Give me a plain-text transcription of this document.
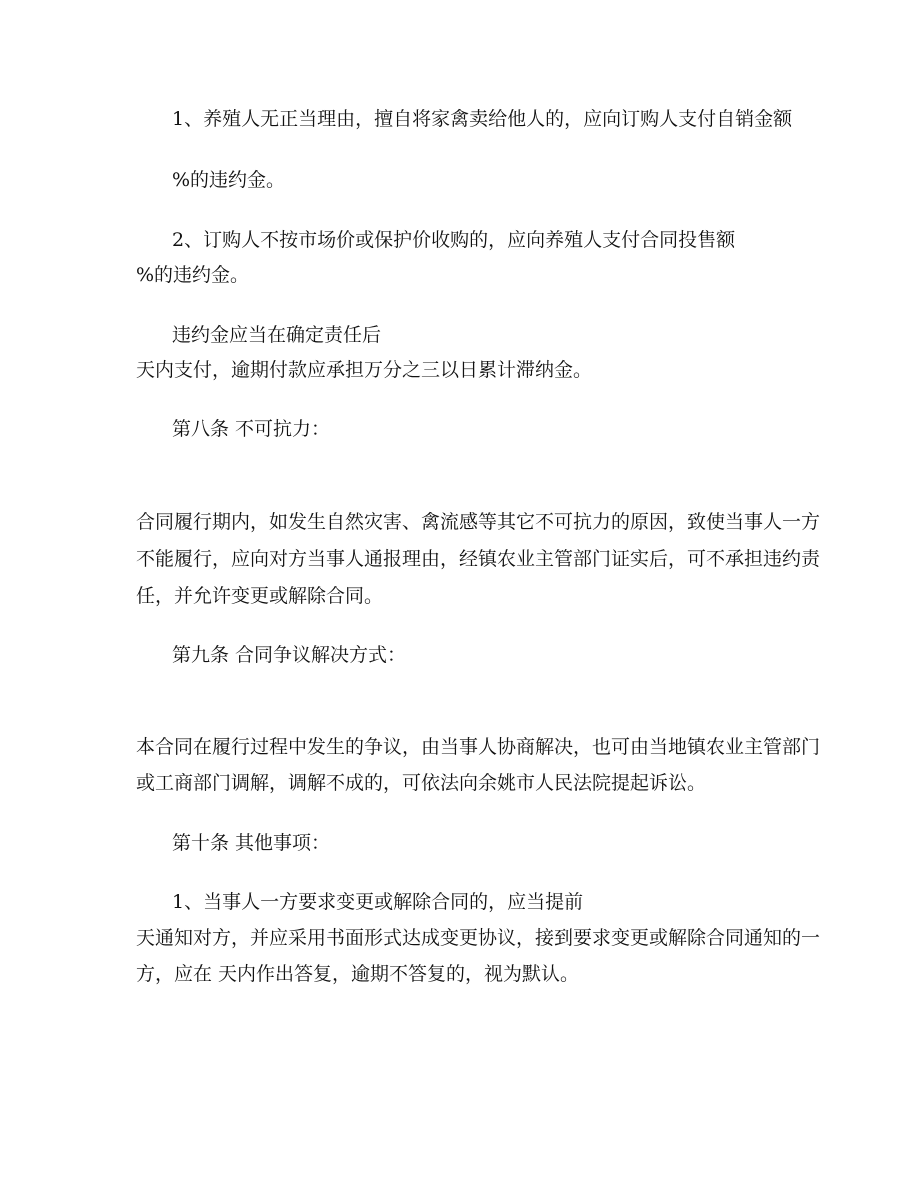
1、养殖人无正当理由，擅自将家禽卖给他人的，应向订购人支付自销金额
%的违约金。
2、订购人不按市场价或保护价收购的，应向养殖人支付合同投售额
%的违约金。
违约金应当在确定责任后
天内支付，逾期付款应承担万分之三以日累计滞纳金。
第八条 不可抗力：
合同履行期内，如发生自然灾害、禽流感等其它不可抗力的原因，致使当事人一方
不能履行，应向对方当事人通报理由，经镇农业主管部门证实后，可不承担违约责
任，并允许变更或解除合同。
第九条 合同争议解决方式：
本合同在履行过程中发生的争议，由当事人协商解决，也可由当地镇农业主管部门
或工商部门调解，调解不成的，可依法向余姚市人民法院提起诉讼。
第十条 其他事项：
1、当事人一方要求变更或解除合同的，应当提前
天通知对方，并应采用书面形式达成变更协议，接到要求变更或解除合同通知的一
方，应在 天内作出答复，逾期不答复的，视为默认。
